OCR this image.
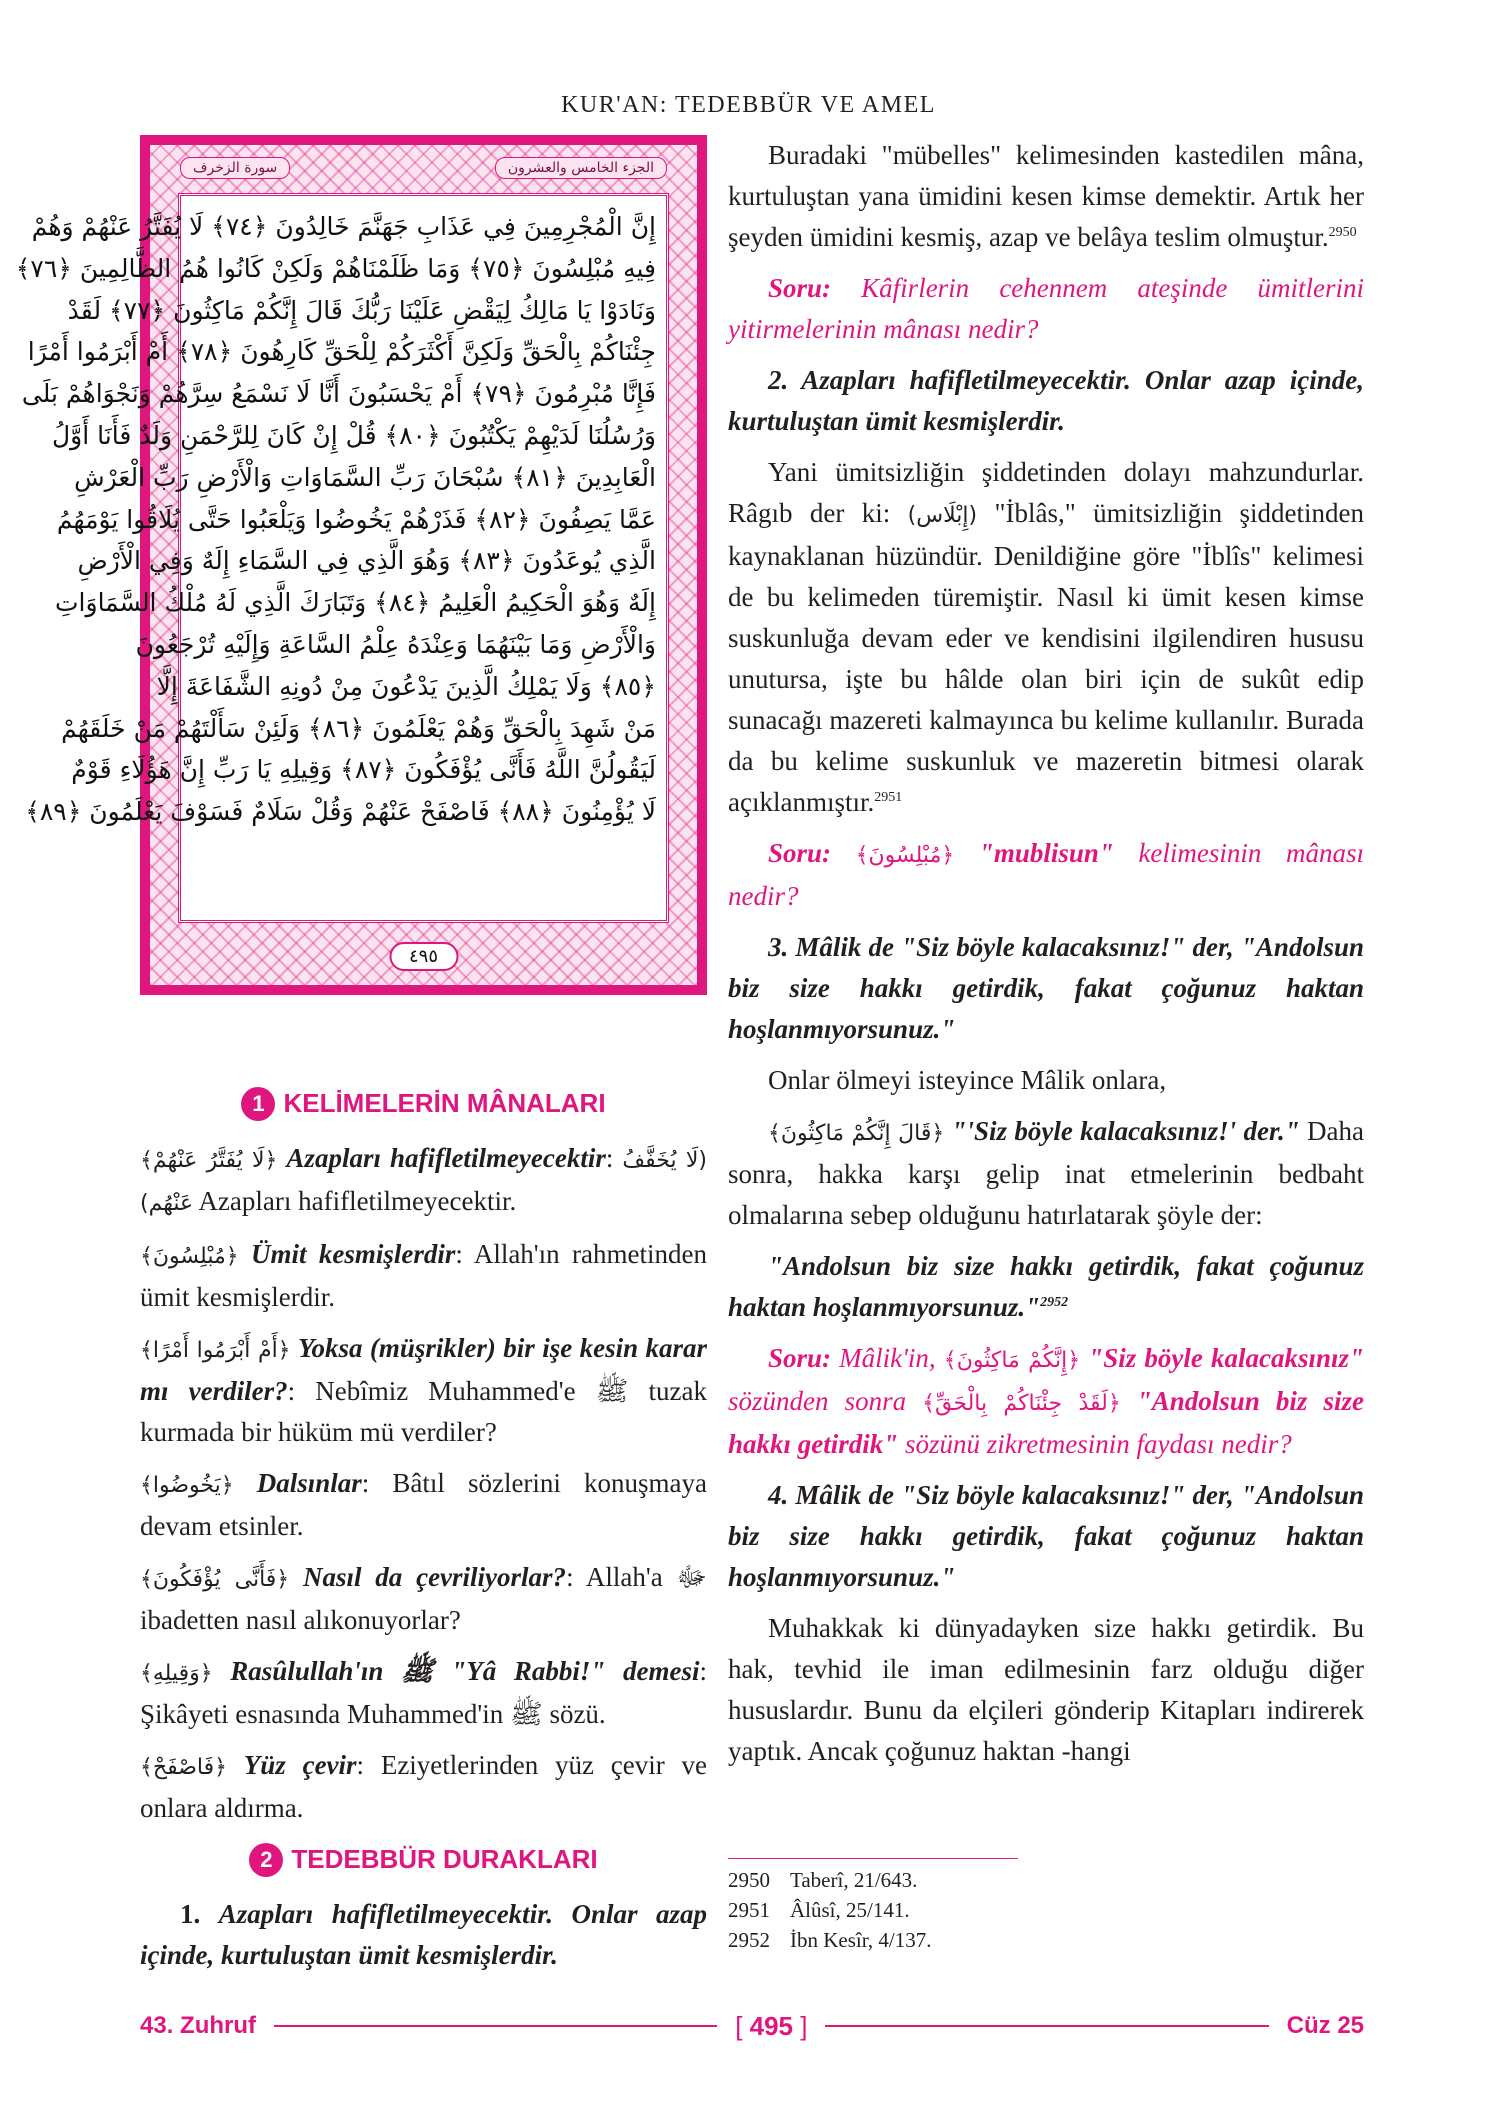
KUR'AN: TEDEBBÜR VE AMEL
الجزء الخامس والعشرون
سورة الزخرف
إِنَّ الْمُجْرِمِينَ فِي عَذَابِ جَهَنَّمَ خَالِدُونَ ﴿٧٤﴾ لَا يُفَتَّرُ عَنْهُمْ وَهُمْ
فِيهِ مُبْلِسُونَ ﴿٧٥﴾ وَمَا ظَلَمْنَاهُمْ وَلَكِنْ كَانُوا هُمُ الظَّالِمِينَ ﴿٧٦﴾
وَنَادَوْا يَا مَالِكُ لِيَقْضِ عَلَيْنَا رَبُّكَ قَالَ إِنَّكُمْ مَاكِثُونَ ﴿٧٧﴾ لَقَدْ
جِئْنَاكُمْ بِالْحَقِّ وَلَكِنَّ أَكْثَرَكُمْ لِلْحَقِّ كَارِهُونَ ﴿٧٨﴾ أَمْ أَبْرَمُوا أَمْرًا
فَإِنَّا مُبْرِمُونَ ﴿٧٩﴾ أَمْ يَحْسَبُونَ أَنَّا لَا نَسْمَعُ سِرَّهُمْ وَنَجْوَاهُمْ بَلَى
وَرُسُلُنَا لَدَيْهِمْ يَكْتُبُونَ ﴿٨٠﴾ قُلْ إِنْ كَانَ لِلرَّحْمَنِ وَلَدٌ فَأَنَا أَوَّلُ
الْعَابِدِينَ ﴿٨١﴾ سُبْحَانَ رَبِّ السَّمَاوَاتِ وَالْأَرْضِ رَبِّ الْعَرْشِ
عَمَّا يَصِفُونَ ﴿٨٢﴾ فَذَرْهُمْ يَخُوضُوا وَيَلْعَبُوا حَتَّى يُلَاقُوا يَوْمَهُمُ
الَّذِي يُوعَدُونَ ﴿٨٣﴾ وَهُوَ الَّذِي فِي السَّمَاءِ إِلَهٌ وَفِي الْأَرْضِ
إِلَهٌ وَهُوَ الْحَكِيمُ الْعَلِيمُ ﴿٨٤﴾ وَتَبَارَكَ الَّذِي لَهُ مُلْكُ السَّمَاوَاتِ
وَالْأَرْضِ وَمَا بَيْنَهُمَا وَعِنْدَهُ عِلْمُ السَّاعَةِ وَإِلَيْهِ تُرْجَعُونَ
﴿٨٥﴾ وَلَا يَمْلِكُ الَّذِينَ يَدْعُونَ مِنْ دُونِهِ الشَّفَاعَةَ إِلَّا
مَنْ شَهِدَ بِالْحَقِّ وَهُمْ يَعْلَمُونَ ﴿٨٦﴾ وَلَئِنْ سَأَلْتَهُمْ مَنْ خَلَقَهُمْ
لَيَقُولُنَّ اللَّهُ فَأَنَّى يُؤْفَكُونَ ﴿٨٧﴾ وَقِيلِهِ يَا رَبِّ إِنَّ هَؤُلَاءِ قَوْمٌ
لَا يُؤْمِنُونَ ﴿٨٨﴾ فَاصْفَحْ عَنْهُمْ وَقُلْ سَلَامٌ فَسَوْفَ يَعْلَمُونَ ﴿٨٩﴾
٤٩٥

Buradaki "mübelles" kelimesinden kastedilen mâna, kurtuluştan yana ümidini kesen kimse demektir. Artık her şeyden ümidini kesmiş, azap ve belâya teslim olmuştur.$^{2950}$

Soru: Kâfirlerin cehennem ateşinde ümitlerini yitirmelerinin mânası nedir?

2. Azapları hafifletilmeyecektir. Onlar azap içinde, kurtuluştan ümit kesmişlerdir.

Yani ümitsizliğin şiddetinden dolayı mahzundurlar. Râgıb der ki: (إِبْلَاس) "İblâs," ümitsizliğin şiddetinden kaynaklanan hüzündür. Denildiğine göre "İblîs" kelimesi de bu kelimeden türemiştir. Nasıl ki ümit kesen kimse suskunluğa devam eder ve kendisini ilgilendiren hususu unutursa, işte bu hâlde olan biri için de sukût edip sunacağı mazereti kalmayınca bu kelime kullanılır. Burada da bu kelime suskunluk ve mazeretin bitmesi olarak açıklanmıştır.$^{2951}$

Soru: ﴿مُبْلِسُونَ﴾ "mublisun" kelimesinin mânası nedir?

3. Mâlik de "Siz böyle kalacaksınız!" der, "Andolsun biz size hakkı getirdik, fakat çoğunuz haktan hoşlanmıyorsunuz."

Onlar ölmeyi isteyince Mâlik onlara,

﴿قَالَ إِنَّكُمْ مَاكِثُونَ﴾ "'Siz böyle kalacaksınız!' der." Daha sonra, hakka karşı gelip inat etmelerinin bedbaht olmalarına sebep olduğunu hatırlatarak şöyle der:

"Andolsun biz size hakkı getirdik, fakat çoğunuz haktan hoşlanmıyorsunuz."$^{2952}$

Soru: Mâlik'in, ﴿إِنَّكُمْ مَاكِثُونَ﴾ "Siz böyle kalacaksınız" sözünden sonra ﴿لَقَدْ جِئْنَاكُمْ بِالْحَقِّ﴾ "Andolsun biz size hakkı getirdik" sözünü zikretmesinin faydası nedir?

4. Mâlik de "Siz böyle kalacaksınız!" der, "Andolsun biz size hakkı getirdik, fakat çoğunuz haktan hoşlanmıyorsunuz."

Muhakkak ki dünyadayken size hakkı getirdik. Bu hak, tevhid ile iman edilmesinin farz olduğu diğer hususlardır. Bunu da elçileri gönderip Kitapları indirerek yaptık. Ancak çoğunuz haktan -hangi

1 KELİMELERİN MÂNALARI

﴿لَا يُفَتَّرُ عَنْهُمْ﴾ Azapları hafifletilmeyecektir: (لَا يُخَفَّفُ عَنْهُم) Azapları hafifletilmeyecektir.

﴿مُبْلِسُونَ﴾ Ümit kesmişlerdir: Allah'ın rahmetinden ümit kesmişlerdir.

﴿أَمْ أَبْرَمُوا أَمْرًا﴾ Yoksa (müşrikler) bir işe kesin karar mı verdiler?: Nebîmiz Muhammed'e ﷺ tuzak kurmada bir hüküm mü verdiler?

﴿يَخُوضُوا﴾ Dalsınlar: Bâtıl sözlerini konuşmaya devam etsinler.

﴿فَأَنَّى يُؤْفَكُونَ﴾ Nasıl da çevriliyorlar?: Allah'a ﷻ ibadetten nasıl alıkonuyorlar?

﴿وَقِيلِهِ﴾ Rasûlullah'ın ﷺ "Yâ Rabbi!" demesi: Şikâyeti esnasında Muhammed'in ﷺ sözü.

﴿فَاصْفَحْ﴾ Yüz çevir: Eziyetlerinden yüz çevir ve onlara aldırma.

2 TEDEBBÜR DURAKLARI

1. Azapları hafifletilmeyecektir. Onlar azap içinde, kurtuluştan ümit kesmişlerdir.

2950 Taberî, 21/643.
2951 Âlûsî, 25/141.
2952 İbn Kesîr, 4/137.
43. Zuhruf	[ 495 ]	Cüz 25
